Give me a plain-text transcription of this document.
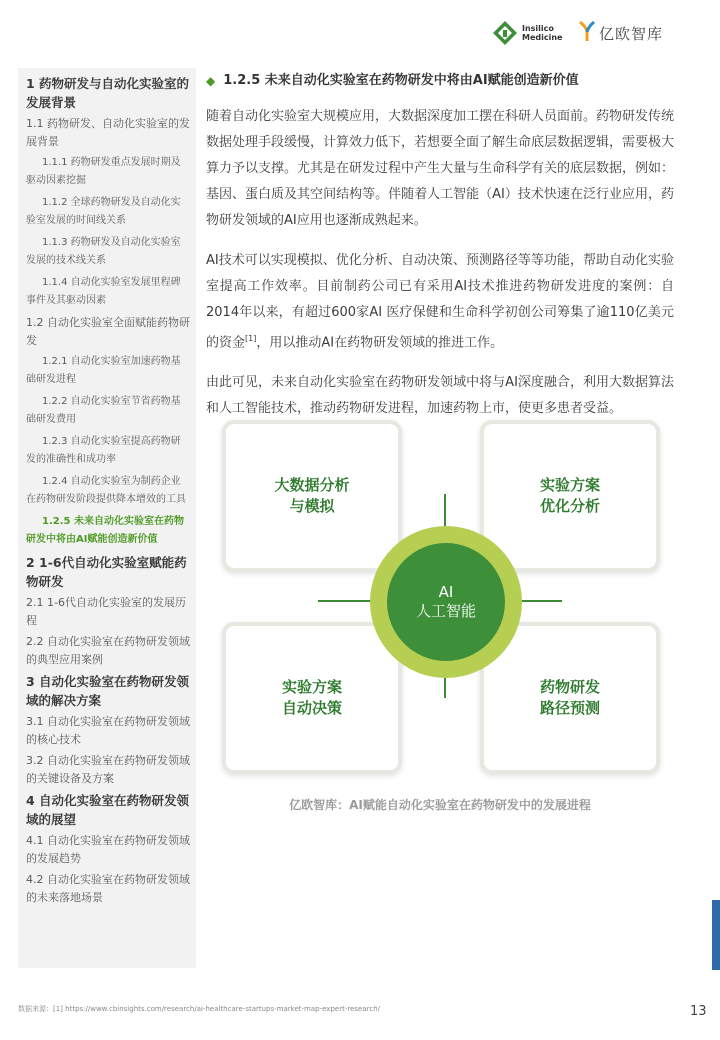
Insilico
Medicine 亿欧智库
1 药物研发与自动化实验室的发展背景
1.1 药物研发、自动化实验室的发展背景
1.1.1 药物研发重点发展时期及驱动因素挖掘
1.1.2 全球药物研发及自动化实验室发展的时间线关系
1.1.3 药物研发及自动化实验室发展的技术线关系
1.1.4 自动化实验室发展里程碑事件及其驱动因素
1.2 自动化实验室全面赋能药物研发
1.2.1 自动化实验室加速药物基础研发进程
1.2.2 自动化实验室节省药物基础研发费用
1.2.3 自动化实验室提高药物研发的准确性和成功率
1.2.4 自动化实验室为制药企业在药物研发阶段提供降本增效的工具
1.2.5 未来自动化实验室在药物研发中将由AI赋能创造新价值
2 1-6代自动化实验室赋能药物研发
2.1 1-6代自动化实验室的发展历程
2.2 自动化实验室在药物研发领域的典型应用案例
3 自动化实验室在药物研发领域的解决方案
3.1 自动化实验室在药物研发领域的核心技术
3.2 自动化实验室在药物研发领域的关键设备及方案
4 自动化实验室在药物研发领域的展望
4.1 自动化实验室在药物研发领域的发展趋势
4.2 自动化实验室在药物研发领域的未来落地场景
◆ 1.2.5 未来自动化实验室在药物研发中将由AI赋能创造新价值

随着自动化实验室大规模应用，大数据深度加工摆在科研人员面前。药物研发传统数据处理手段缓慢，计算效力低下，若想要全面了解生命底层数据逻辑，需要极大算力予以支撑。尤其是在研发过程中产生大量与生命科学有关的底层数据，例如：基因、蛋白质及其空间结构等。伴随着人工智能（AI）技术快速在泛行业应用，药物研发领域的AI应用也逐渐成熟起来。

AI技术可以实现模拟、优化分析、自动决策、预测路径等等功能，帮助自动化实验室提高工作效率。目前制药公司已有采用AI技术推进药物研发进度的案例：自2014年以来，有超过600家AI 医疗保健和生命科学初创公司筹集了逾110亿美元的资金[1]，用以推动AI在药物研发领域的推进工作。

由此可见，未来自动化实验室在药物研发领域中将与AI深度融合，利用大数据算法和人工智能技术，推动药物研发进程，加速药物上市，使更多患者受益。

大数据分析
与模拟
实验方案
优化分析
实验方案
自动决策
药物研发
路径预测
AI
人工智能
亿欧智库：AI赋能自动化实验室在药物研发中的发展进程
数据来源：[1] https://www.cbinsights.com/research/ai-healthcare-startups-market-map-expert-research/	13
